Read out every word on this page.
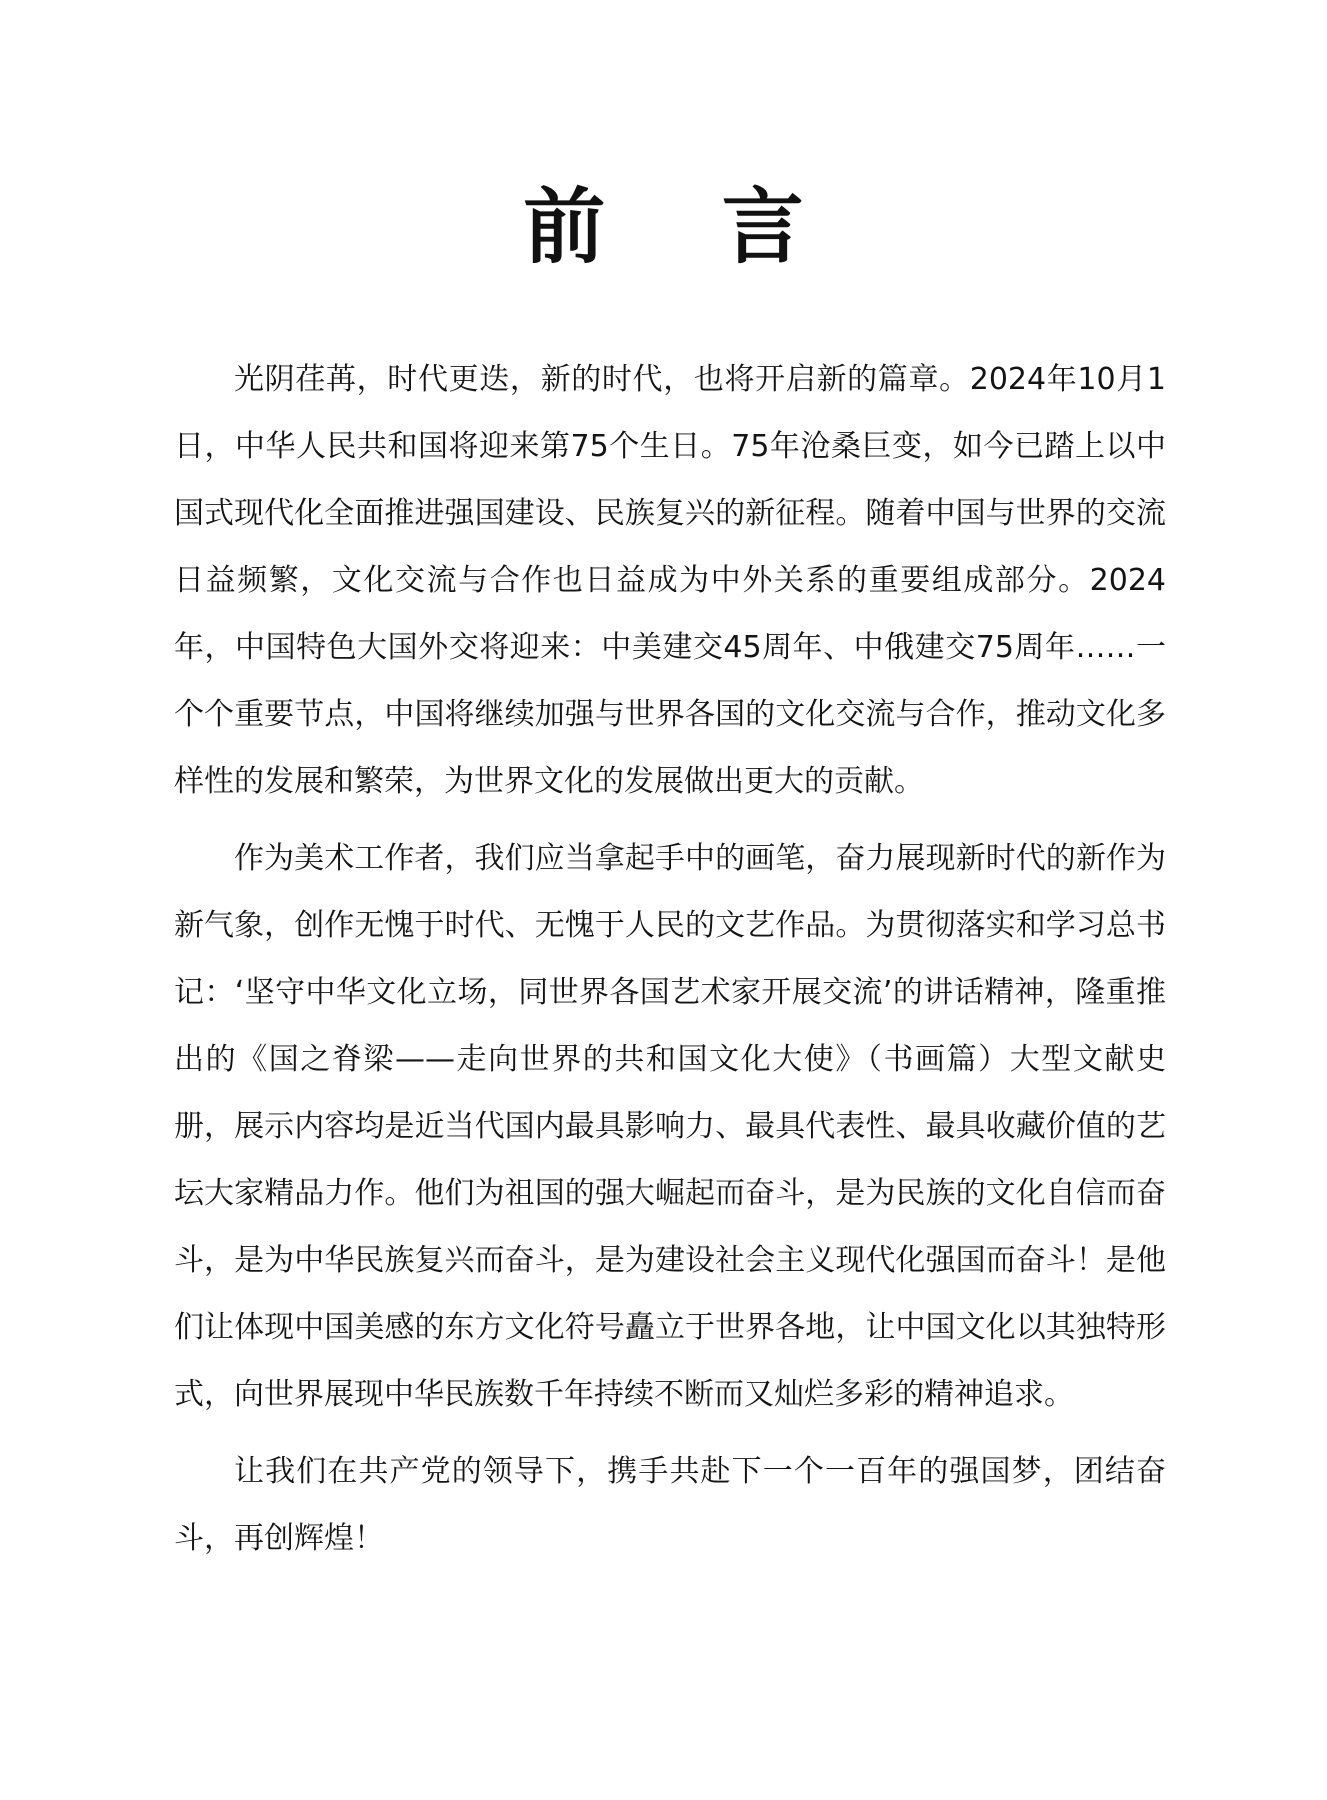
前 言

光阴荏苒，时代更迭，新的时代，也将开启新的篇章。2024年10月1日，中华人民共和国将迎来第75个生日。75年沧桑巨变，如今已踏上以中国式现代化全面推进强国建设、民族复兴的新征程。随着中国与世界的交流日益频繁，文化交流与合作也日益成为中外关系的重要组成部分。2024年，中国特色大国外交将迎来：中美建交45周年、中俄建交75周年……一个个重要节点，中国将继续加强与世界各国的文化交流与合作，推动文化多样性的发展和繁荣，为世界文化的发展做出更大的贡献。

作为美术工作者，我们应当拿起手中的画笔，奋力展现新时代的新作为新气象，创作无愧于时代、无愧于人民的文艺作品。为贯彻落实和学习总书记：‘坚守中华文化立场，同世界各国艺术家开展交流’的讲话精神，隆重推出的《国之脊梁——走向世界的共和国文化大使》（书画篇）大型文献史册，展示内容均是近当代国内最具影响力、最具代表性、最具收藏价值的艺坛大家精品力作。他们为祖国的强大崛起而奋斗，是为民族的文化自信而奋斗，是为中华民族复兴而奋斗，是为建设社会主义现代化强国而奋斗！是他们让体现中国美感的东方文化符号矗立于世界各地，让中国文化以其独特形式，向世界展现中华民族数千年持续不断而又灿烂多彩的精神追求。

让我们在共产党的领导下，携手共赴下一个一百年的强国梦，团结奋斗，再创辉煌！
